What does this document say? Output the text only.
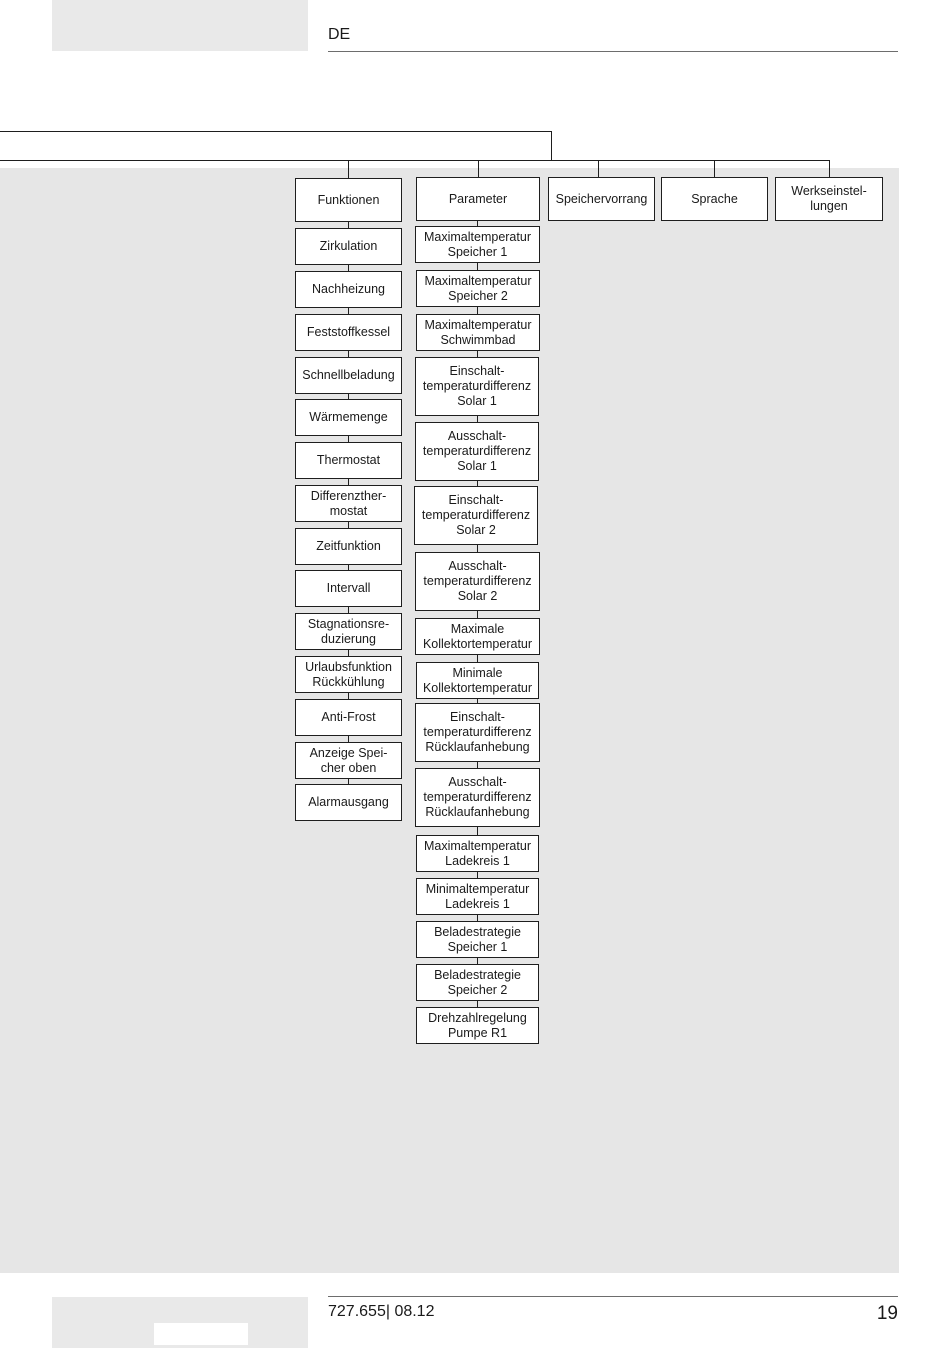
DE
Funktionen	Parameter	Speichervorrang	Sprache
Werkseinstel-
lungen
Zirkulation
Nachheizung
Feststoffkessel
Schnellbeladung
Wärmemenge
Thermostat
Differenzther-
mostat
Zeitfunktion
Intervall
Stagnationsre-
duzierung
Urlaubsfunktion
Rückkühlung
Anti-Frost
Anzeige Spei-
cher oben
Alarmausgang
Maximaltemperatur
Speicher 1
Maximaltemperatur
Speicher 2
Maximaltemperatur
Schwimmbad
Einschalt-
temperaturdifferenz
Solar 1
Ausschalt-
temperaturdifferenz
Solar 1
Einschalt-
temperaturdifferenz
Solar 2
Ausschalt-
temperaturdifferenz
Solar 2
Maximale
Kollektortemperatur
Minimale
Kollektortemperatur
Einschalt-
temperaturdifferenz
Rücklaufanhebung
Ausschalt-
temperaturdifferenz
Rücklaufanhebung
Maximaltemperatur
Ladekreis 1
Minimaltemperatur
Ladekreis 1
Beladestrategie
Speicher 1
Beladestrategie
Speicher 2
Drehzahlregelung
Pumpe R1
727.655| 08.12	19
